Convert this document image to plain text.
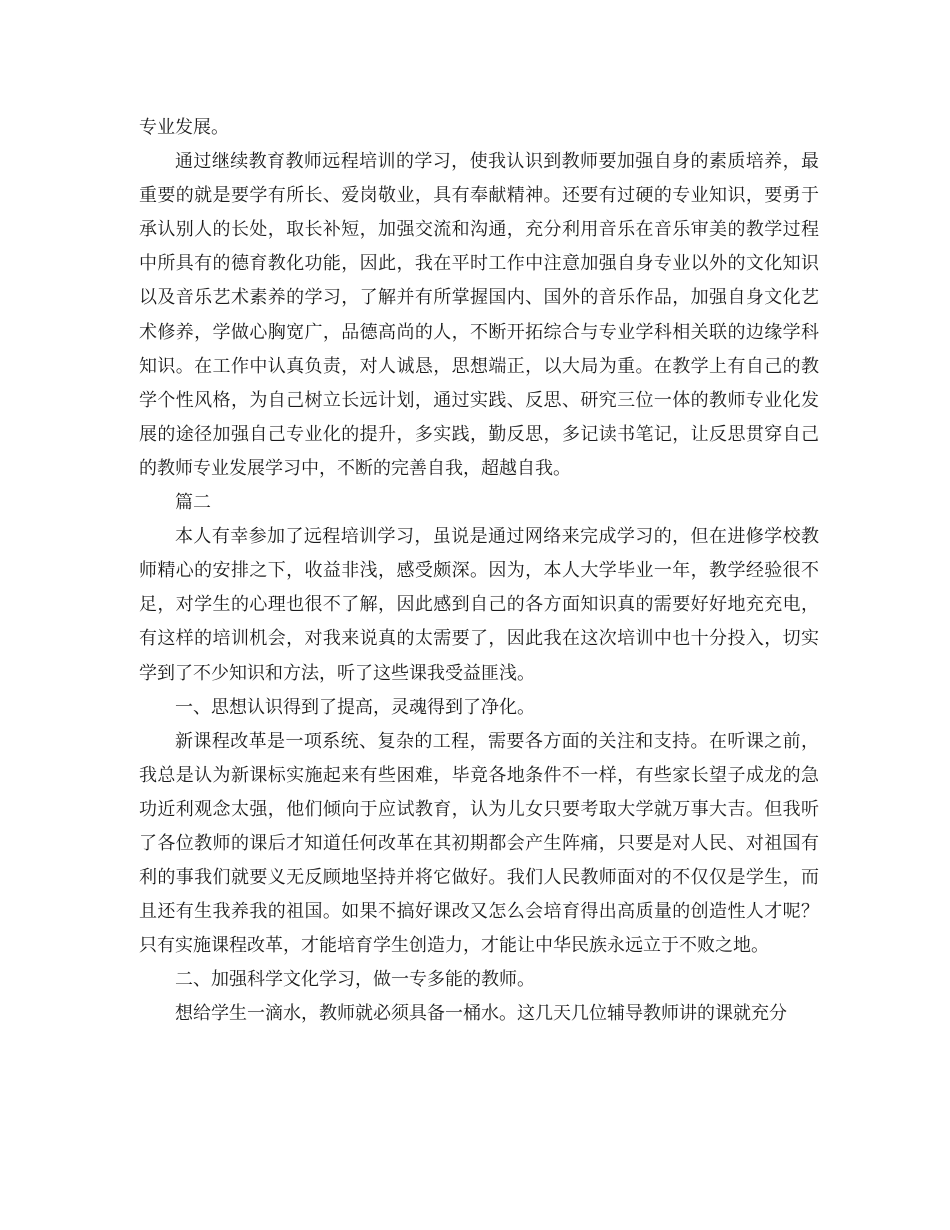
专业发展。

通过继续教育教师远程培训的学习，使我认识到教师要加强自身的素质培养，最重要的就是要学有所长、爱岗敬业，具有奉献精神。还要有过硬的专业知识，要勇于承认别人的长处，取长补短，加强交流和沟通，充分利用音乐在音乐审美的教学过程中所具有的德育教化功能，因此，我在平时工作中注意加强自身专业以外的文化知识以及音乐艺术素养的学习，了解并有所掌握国内、国外的音乐作品，加强自身文化艺术修养，学做心胸宽广，品德高尚的人，不断开拓综合与专业学科相关联的边缘学科知识。在工作中认真负责，对人诚恳，思想端正，以大局为重。在教学上有自己的教学个性风格，为自己树立长远计划，通过实践、反思、研究三位一体的教师专业化发展的途径加强自己专业化的提升，多实践，勤反思，多记读书笔记，让反思贯穿自己的教师专业发展学习中，不断的完善自我，超越自我。

篇二

本人有幸参加了远程培训学习，虽说是通过网络来完成学习的，但在进修学校教师精心的安排之下，收益非浅，感受颇深。因为，本人大学毕业一年，教学经验很不足，对学生的心理也很不了解，因此感到自己的各方面知识真的需要好好地充充电，有这样的培训机会，对我来说真的太需要了，因此我在这次培训中也十分投入，切实学到了不少知识和方法，听了这些课我受益匪浅。

一、思想认识得到了提高，灵魂得到了净化。

新课程改革是一项系统、复杂的工程，需要各方面的关注和支持。在听课之前，我总是认为新课标实施起来有些困难，毕竟各地条件不一样，有些家长望子成龙的急功近利观念太强，他们倾向于应试教育，认为儿女只要考取大学就万事大吉。但我听了各位教师的课后才知道任何改革在其初期都会产生阵痛，只要是对人民、对祖国有利的事我们就要义无反顾地坚持并将它做好。我们人民教师面对的不仅仅是学生，而且还有生我养我的祖国。如果不搞好课改又怎么会培育得出高质量的创造性人才呢？只有实施课程改革，才能培育学生创造力，才能让中华民族永远立于不败之地。

二、加强科学文化学习，做一专多能的教师。

想给学生一滴水，教师就必须具备一桶水。这几天几位辅导教师讲的课就充分
